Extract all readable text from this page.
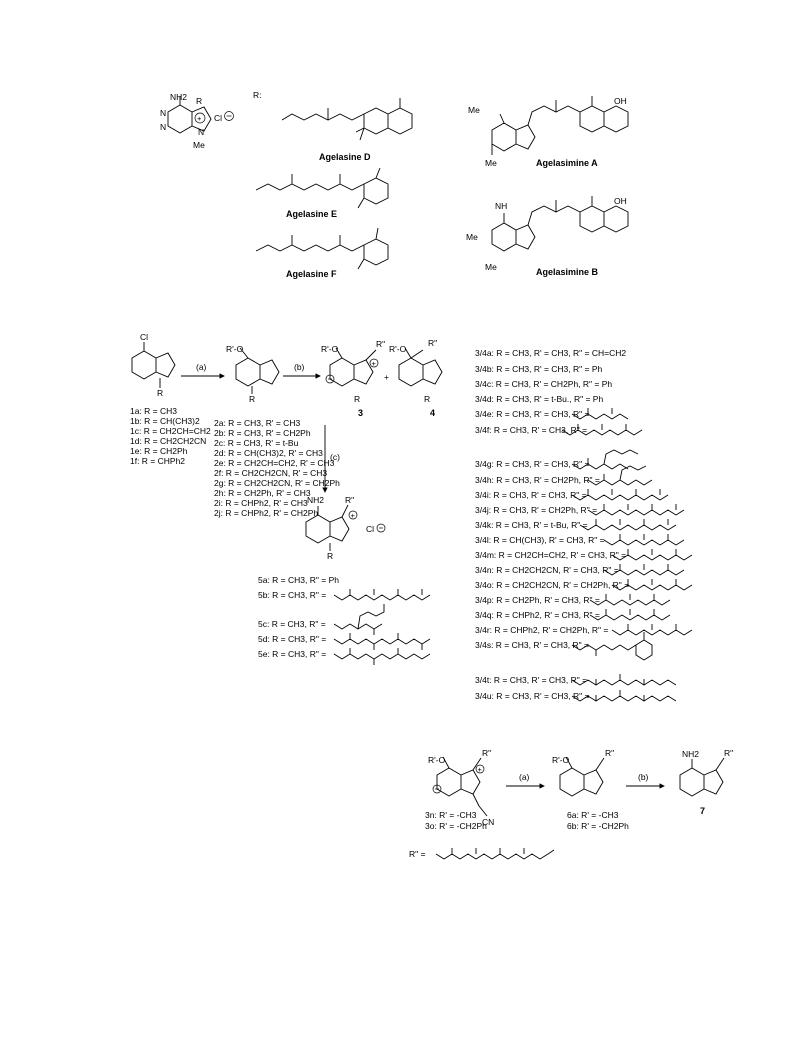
+
NH2 R
N
N	N
Me
Cl
R:
Agelasine D
Agelasine E
Agelasine F
Me
Me
OH
Agelasimine A
NH
Me
Me
OH
Agelasimine B
Cl
R
(a)
R'‑O
R
(b)	+
R'‑O	R"
R
3
+
R'‑O
R"
R
4
(c)
+
NH2 R"
R
Cl
1a: R = CH3
1b: R = CH(CH3)2
1c: R = CH2CH=CH2
1d: R = CH2CH2CN
1e: R = CH2Ph
1f: R = CHPh2
2a: R = CH3, R' = CH3
2b: R = CH3, R' = CH2Ph
2c: R = CH3, R' = t-Bu
2d: R = CH(CH3)2, R' = CH3
2e: R = CH2CH=CH2, R' = CH3
2f: R = CH2CH2CN, R' = CH3
2g: R = CH2CH2CN, R' = CH2Ph
2h: R = CH2Ph, R' = CH3
2i: R = CHPh2, R' = CH3
2j: R = CHPh2, R' = CH2Ph
3/4a: R = CH3, R' = CH3, R" = CH=CH2
3/4b: R = CH3, R' = CH3, R" = Ph
3/4c: R = CH3, R' = CH2Ph, R" = Ph
3/4d: R = CH3, R' = t-Bu., R" = Ph
3/4e: R = CH3, R' = CH3, R" =
3/4f: R = CH3, R' = CH3, R" =
3/4g: R = CH3, R' = CH3, R" =
3/4h: R = CH3, R' = CH2Ph, R" =
3/4i: R = CH3, R' = CH3, R" =
3/4j: R = CH3, R' = CH2Ph, R" =
3/4k: R = CH3, R' = t-Bu, R" =
3/4l: R = CH(CH3), R' = CH3, R" =
3/4m: R = CH2CH=CH2, R' = CH3, R" =
3/4n: R = CH2CH2CN, R' = CH3, R" =
3/4o: R = CH2CH2CN, R' = CH2Ph, R" =
3/4p: R = CH2Ph, R' = CH3, R" =
3/4q: R = CHPh2, R' = CH3, R" =
3/4r: R = CHPh2, R' = CH2Ph, R" =
3/4s: R = CH3, R' = CH3, R" =
3/4t: R = CH3, R' = CH3, R" =
3/4u: R = CH3, R' = CH3, R" =
5a: R = CH3, R" = Ph
5b: R = CH3, R" =
5c: R = CH3, R" =
5d: R = CH3, R" =
5e: R = CH3, R" =
+
R'‑O
R"
CN
3n: R' = -CH3
3o: R' = -CH2Ph
(a)
R'‑O
R"
6a: R' = -CH3
6b: R' = -CH2Ph
(b)
NH2	R"
7
R" =
